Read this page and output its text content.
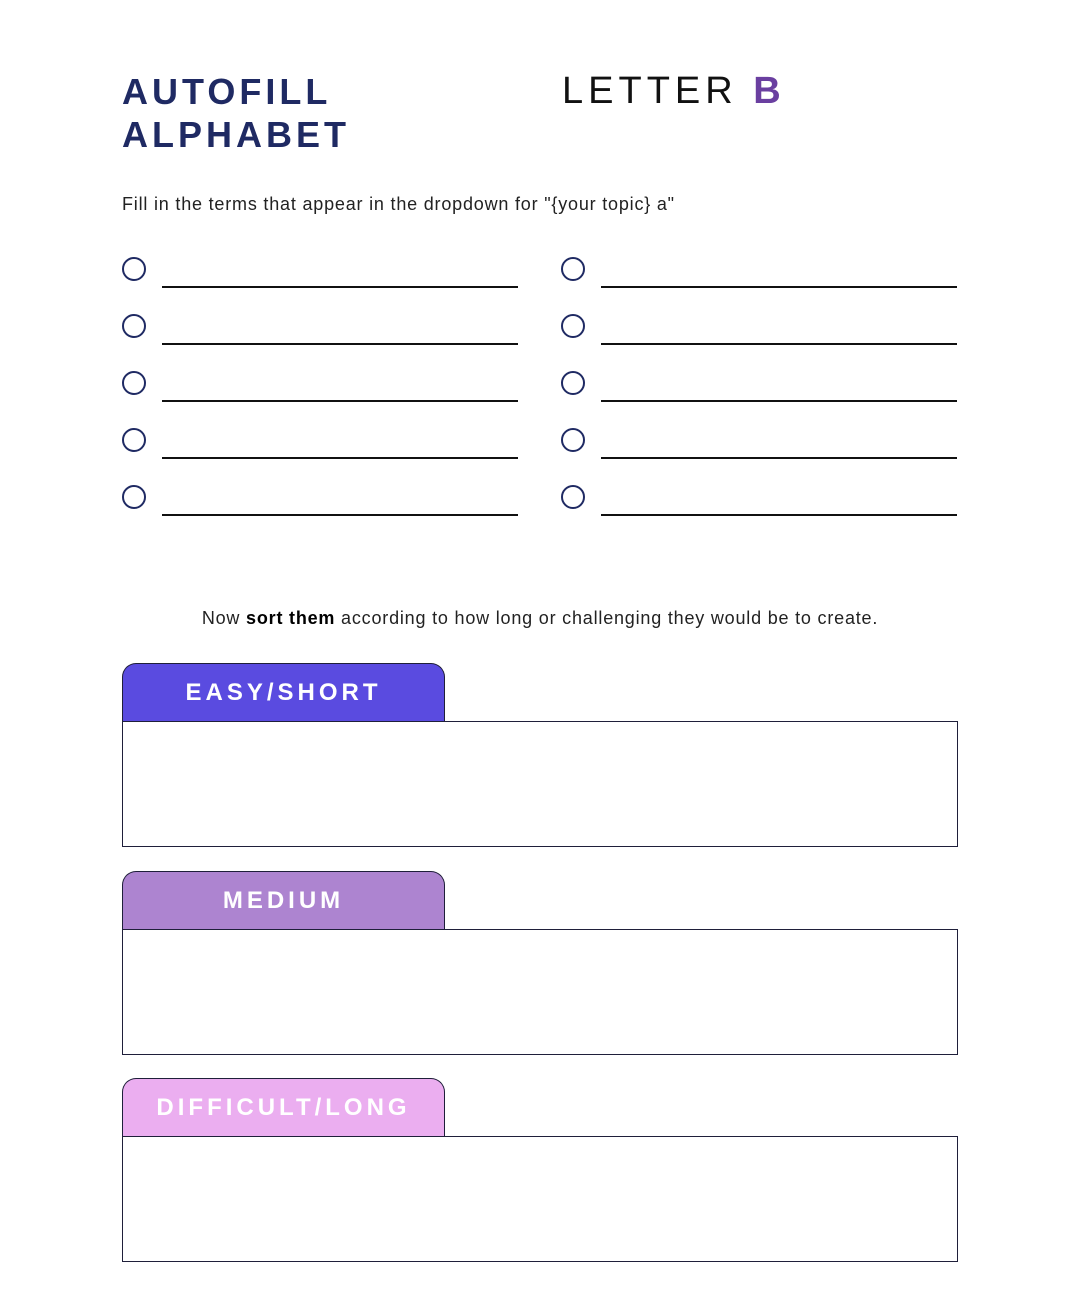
AUTOFILL
ALPHABET
LETTER B
Fill in the terms that appear in the dropdown for "{your topic} a"
Now sort them according to how long or challenging they would be to create.
EASY/SHORT
MEDIUM
DIFFICULT/LONG
